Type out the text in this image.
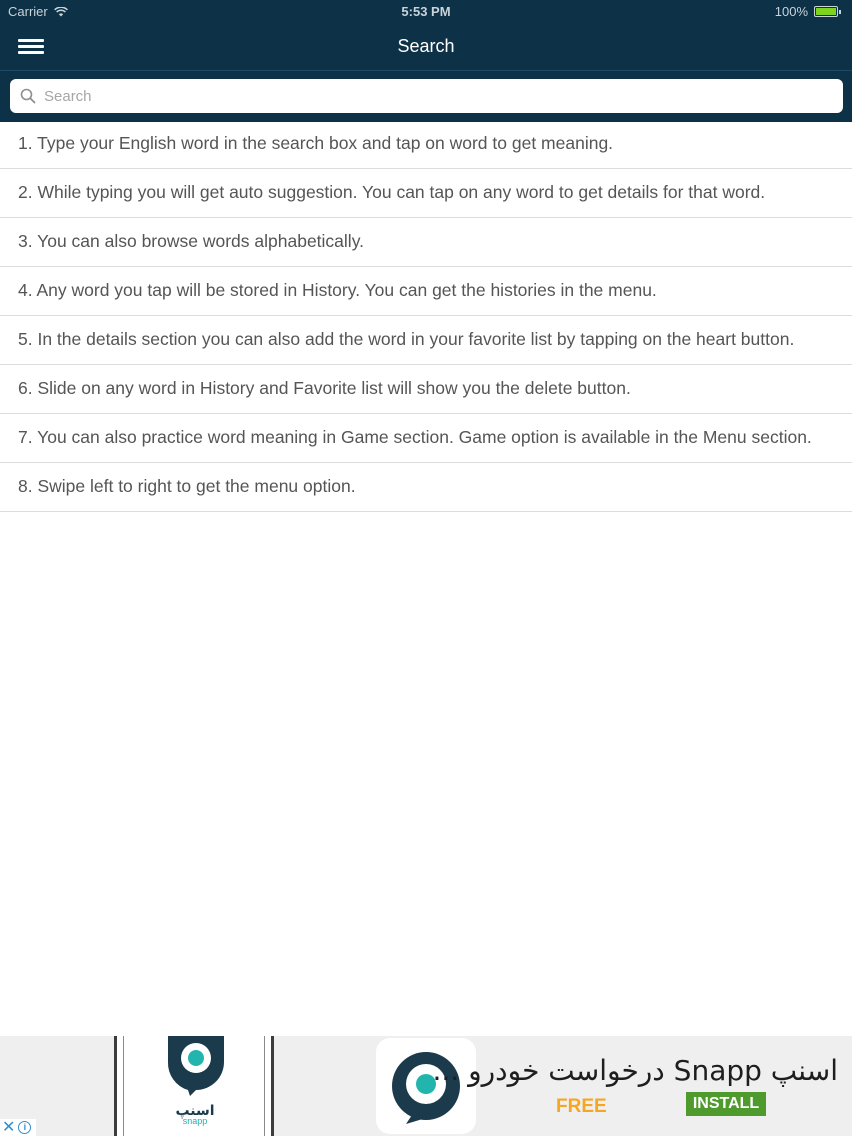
Carrier	5:53 PM	100%
Search
Search
1. Type your English word in the search box and tap on word to get meaning.
2. While typing you will get auto suggestion. You can tap on any word to get details for that word.
3. You can also browse words alphabetically.
4. Any word you tap will be stored in History. You can get the histories in the menu.
5. In the details section you can also add the word in your favorite list by tapping on the heart button.
6. Slide on any word in History and Favorite list will show you the delete button.
7. You can also practice word meaning in Game section. Game option is available in the Menu section.
8. Swipe left to right to get the menu option.
اسنپ
snapp
اسنپ Snapp درخواست خودرو ...
FREE	INSTALL
✕ i
